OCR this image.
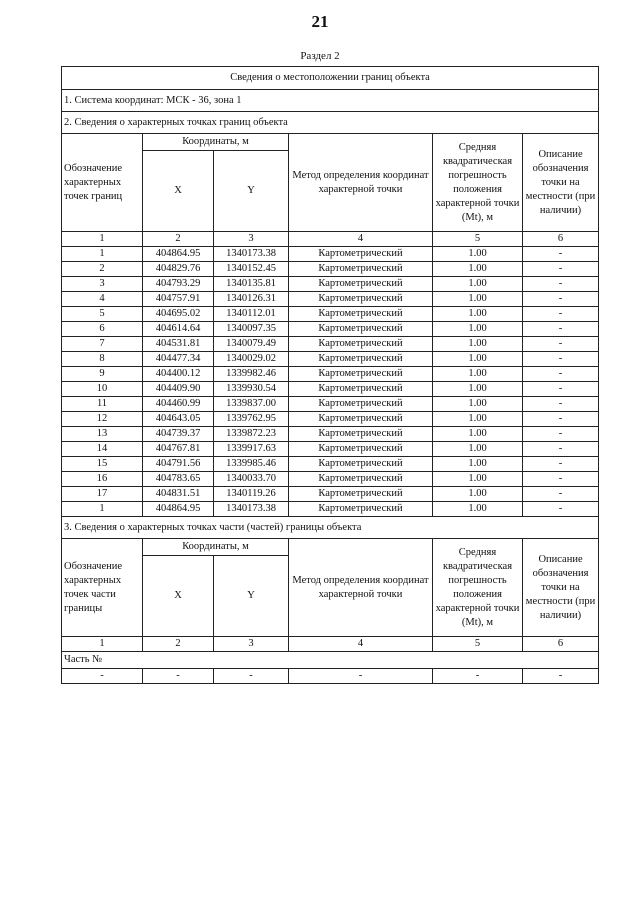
21
Раздел 2
Сведения о местоположении границ объекта					
1. Система координат: МСК - 36, зона 1					
2. Сведения о характерных точках границ объекта					
Обозначение характерных точек границ	Координаты, м		Метод определения координат характерной точки	Средняя квадратическая погрешность положения характерной точки (Mt), м	Описание обозначения точки на местности (при наличии)
	X	Y			
1	2	3	4	5	6
1	404864.95	1340173.38	Картометрический	1.00	-
2	404829.76	1340152.45	Картометрический	1.00	-
3	404793.29	1340135.81	Картометрический	1.00	-
4	404757.91	1340126.31	Картометрический	1.00	-
5	404695.02	1340112.01	Картометрический	1.00	-
6	404614.64	1340097.35	Картометрический	1.00	-
7	404531.81	1340079.49	Картометрический	1.00	-
8	404477.34	1340029.02	Картометрический	1.00	-
9	404400.12	1339982.46	Картометрический	1.00	-
10	404409.90	1339930.54	Картометрический	1.00	-
11	404460.99	1339837.00	Картометрический	1.00	-
12	404643.05	1339762.95	Картометрический	1.00	-
13	404739.37	1339872.23	Картометрический	1.00	-
14	404767.81	1339917.63	Картометрический	1.00	-
15	404791.56	1339985.46	Картометрический	1.00	-
16	404783.65	1340033.70	Картометрический	1.00	-
17	404831.51	1340119.26	Картометрический	1.00	-
1	404864.95	1340173.38	Картометрический	1.00	-
3. Сведения о характерных точках части (частей) границы объекта					
Обозначение характерных точек части границы	Координаты, м		Метод определения координат характерной точки	Средняя квадратическая погрешность положения характерной точки (Mt), м	Описание обозначения точки на местности (при наличии)
	X	Y			
1	2	3	4	5	6
Часть №					
-	-	-	-	-	-
